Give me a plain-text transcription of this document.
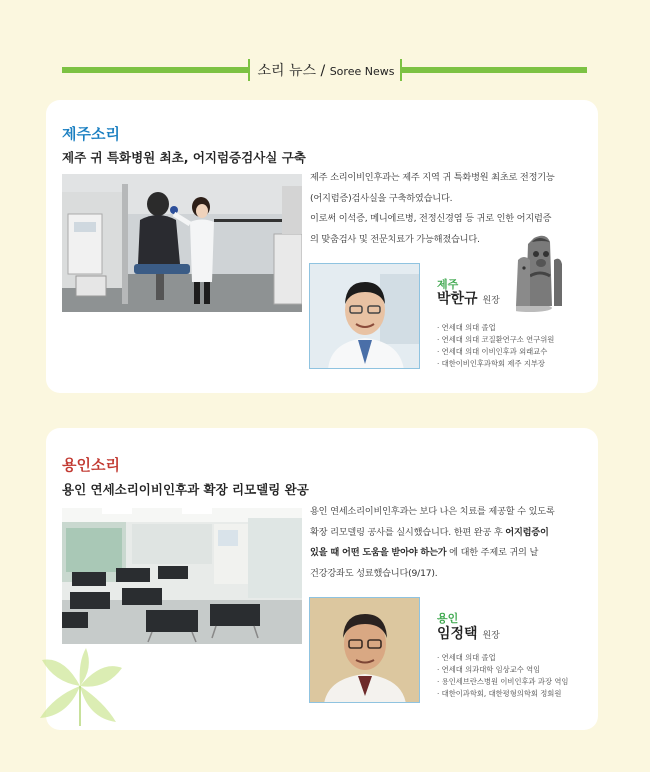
소리 뉴스 / Soree News
제주소리
제주 귀 특화병원 최초, 어지럼증검사실 구축
제주 소리이비인후과는 제주 지역 귀 특화병원 최초로 전정기능
(어지럼증)검사실을 구축하였습니다.
이로써 이석증, 메니에르병, 전정신경염 등 귀로 인한 어지럼증
의 맞춤검사 및 전문치료가 가능해졌습니다.
제주
박한규 원장
· 연세대 의대 졸업
· 연세대 의대 코질환연구소 연구위원
· 연세대 의대 이비인후과 외래교수
· 대한이비인후과학회 제주 지부장
용인소리
용인 연세소리이비인후과 확장 리모델링 완공
용인 연세소리이비인후과는 보다 나은 치료를 제공할 수 있도록
확장 리모델링 공사를 실시했습니다. 한편 완공 후 어지럼증이
있을 때 어떤 도움을 받아야 하는가 에 대한 주제로 귀의 날
건강강좌도 성료했습니다(9/17).
용인
임정택 원장
· 연세대 의대 졸업
· 연세대 의과대학 임상교수 역임
· 용인세브란스병원 이비인후과 과장 역임
· 대한이과학회, 대한평형의학회 정회원
